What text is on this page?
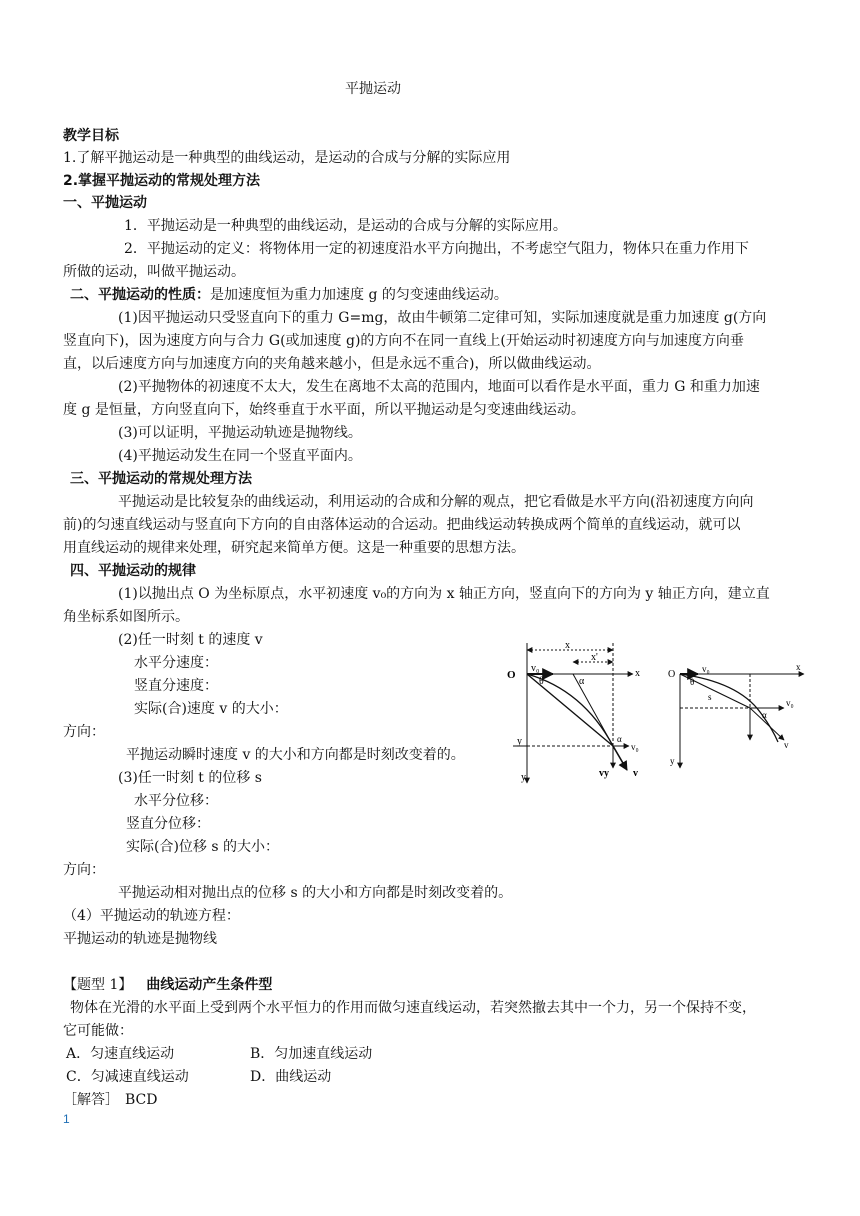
平抛运动
教学目标
1.了解平抛运动是一种典型的曲线运动，是运动的合成与分解的实际应用
2.掌握平抛运动的常规处理方法
一、平抛运动
1．平抛运动是一种典型的曲线运动，是运动的合成与分解的实际应用。
2．平抛运动的定义：将物体用一定的初速度沿水平方向抛出，不考虑空气阻力，物体只在重力作用下
所做的运动，叫做平抛运动。
二、平抛运动的性质：是加速度恒为重力加速度 g 的匀变速曲线运动。
(1)因平抛运动只受竖直向下的重力 G=mg，故由牛顿第二定律可知，实际加速度就是重力加速度 g(方向
竖直向下)，因为速度方向与合力 G(或加速度 g)的方向不在同一直线上(开始运动时初速度方向与加速度方向垂
直，以后速度方向与加速度方向的夹角越来越小，但是永远不重合)，所以做曲线运动。
(2)平抛物体的初速度不太大，发生在离地不太高的范围内，地面可以看作是水平面，重力 G 和重力加速
度 g 是恒量，方向竖直向下，始终垂直于水平面，所以平抛运动是匀变速曲线运动。
(3)可以证明，平抛运动轨迹是抛物线。
(4)平抛运动发生在同一个竖直平面内。
三、平抛运动的常规处理方法
平抛运动是比较复杂的曲线运动，利用运动的合成和分解的观点，把它看做是水平方向(沿初速度方向向
前)的匀速直线运动与竖直向下方向的自由落体运动的合运动。把曲线运动转换成两个简单的直线运动，就可以
用直线运动的规律来处理，研究起来简单方便。这是一种重要的思想方法。
四、平抛运动的规律
(1)以抛出点 O 为坐标原点，水平初速度 v₀的方向为 x 轴正方向，竖直向下的方向为 y 轴正方向，建立直
角坐标系如图所示。
(2)任一时刻 t 的速度 v
水平分速度：
竖直分速度：
实际(合)速度 v 的大小：
方向：
平抛运动瞬时速度 v 的大小和方向都是时刻改变着的。
(3)任一时刻 t 的位移 s
水平分位移：
竖直分位移：
实际(合)位移 s 的大小：
方向：
平抛运动相对抛出点的位移 s 的大小和方向都是时刻改变着的。
（4）平抛运动的轨迹方程：
平抛运动的轨迹是抛物线
【题型 1】 曲线运动产生条件型
物体在光滑的水平面上受到两个水平恒力的作用而做匀速直线运动，若突然撤去其中一个力，另一个保持不变，
它可能做：
A．匀速直线运动	B．匀加速直线运动
C．匀减速直线运动	D．曲线运动
［解答］ BCD
1
O
v₀
θ	α
x
x'
x
y
y
α
v₀
vy v
O	v₀
θ
s
α
v₀
x
y
v
